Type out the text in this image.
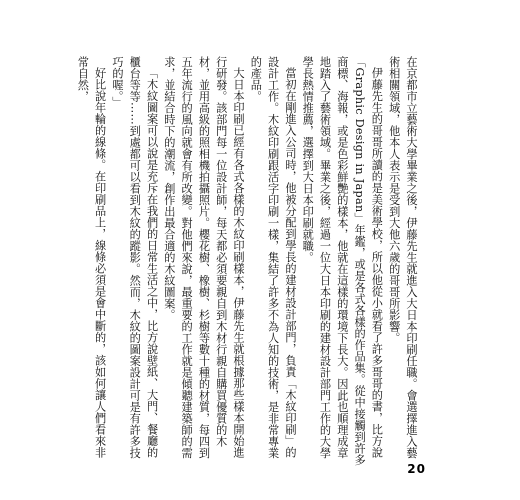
在京都市立藝術大學畢業之後，伊藤先生就進入大日本印刷任職。會選擇進入藝術相關領域，他本人表示是受到大他六歲的哥哥所影響。

伊藤先生的哥哥所讀的是美術學校，所以他從小就看了許多哥哥的書，比方說「Graphic Design in Japan」年鑑，或是各式各樣的作品集。從中接觸到許多商標、海報，或是色彩鮮艷的樣本，他就在這樣的環境下長大。因此也順理成章地踏入了藝術領域。畢業之後，經過一位大日本印刷的建材設計部門工作的大學學長熱情推薦，選擇到大日本印刷就職。

當初在剛進入公司時，他被分配到學長的建材設計部門，負責「木紋印刷」的設計工作。木紋印刷跟活字印刷一樣，集結了許多不為人知的技術，是非常專業的產品。

大日本印刷已經有各式各樣的木紋印刷樣本，伊藤先生就根據那些樣本開始進行研發。該部門每一位設計師，每天都必須要親自到木材行親自購買優質的木材，並用高級的照相機拍攝照片。櫻花樹、橡樹、杉樹等數十種的材質，每四到五年流行的風向就會有所改變。對他們來說，最重要的工作就是傾聽建築師的需求，並結合時下的潮流，創作出最合適的木紋圖案。

「木紋圖案可以說是充斥在我們的日常生活之中，比方說壁紙、大門、餐廳的櫃台等等……到處都可以看到木紋的蹤影。然而，木紋的圖案設計可是有許多技巧的喔。」

好比說年輪的線條。在印刷品上，線條必須是會中斷的，該如何讓人們看來非常自然，

20
